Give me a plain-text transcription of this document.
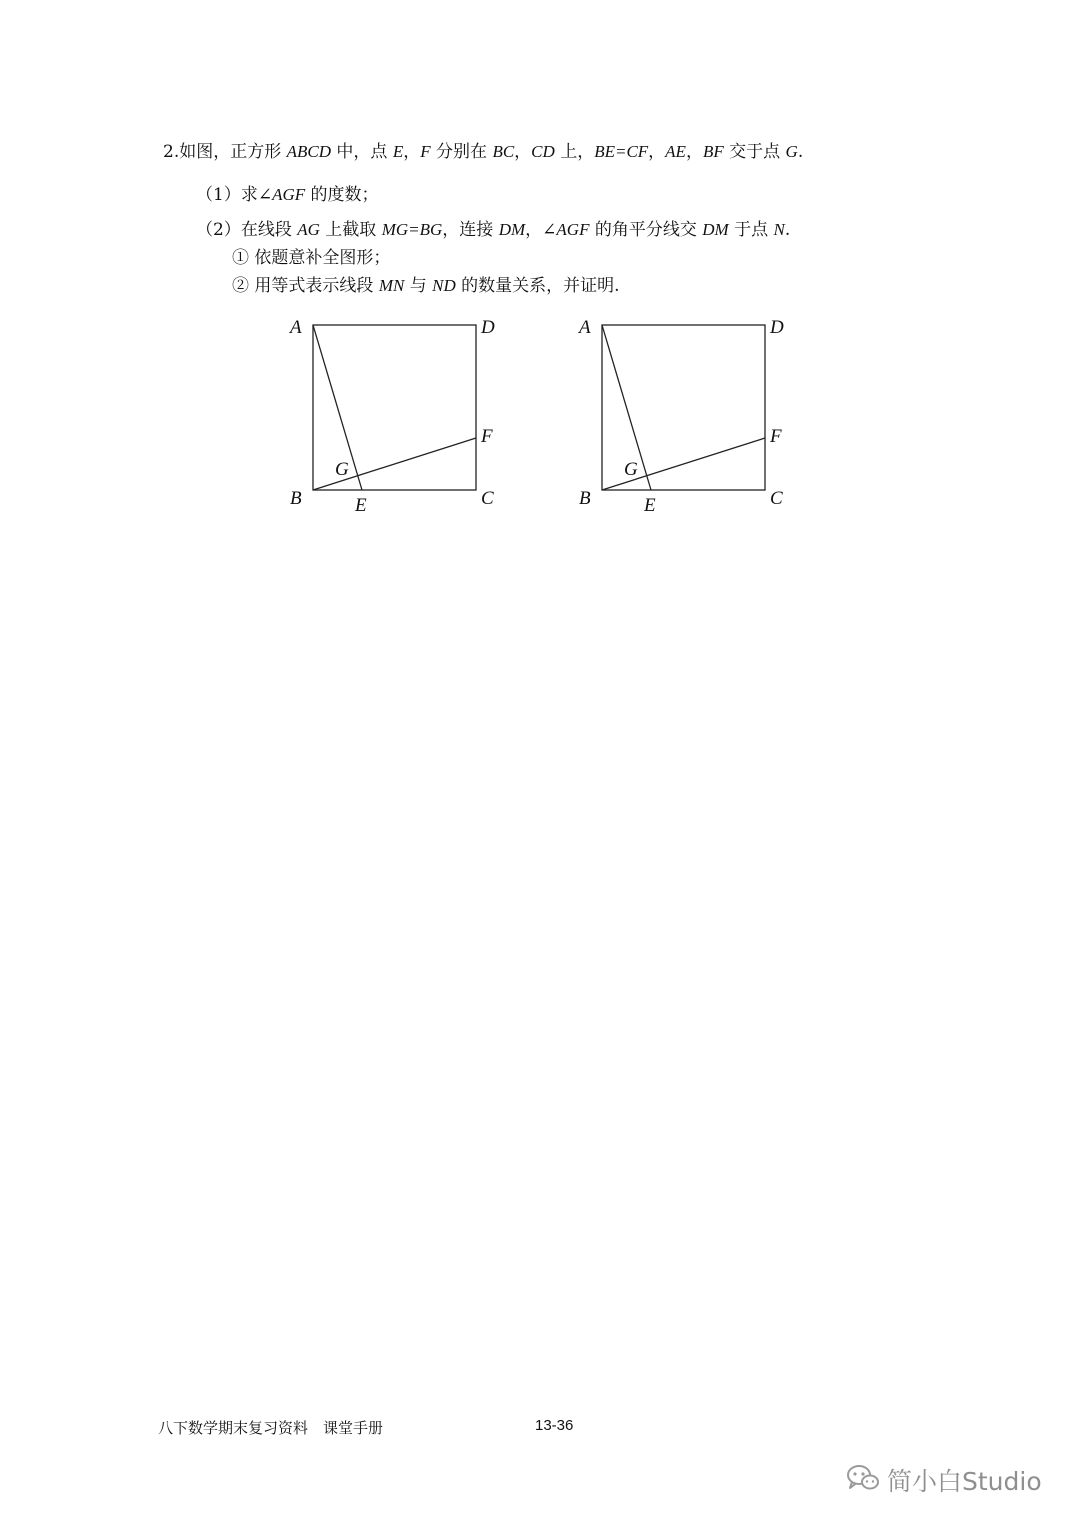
2.如图，正方形 ABCD 中，点 E，F 分别在 BC，CD 上，BE=CF，AE，BF 交于点 G.
（1）求∠AGF 的度数；
（2）在线段 AG 上截取 MG=BG，连接 DM，∠AGF 的角平分线交 DM 于点 N.
① 依题意补全图形；
② 用等式表示线段 MN 与 ND 的数量关系，并证明.
A	D
F
G
B	E	C
A	D
F
G
B	E	C
八下数学期末复习资料　课堂手册	13-36
简小白Studio
